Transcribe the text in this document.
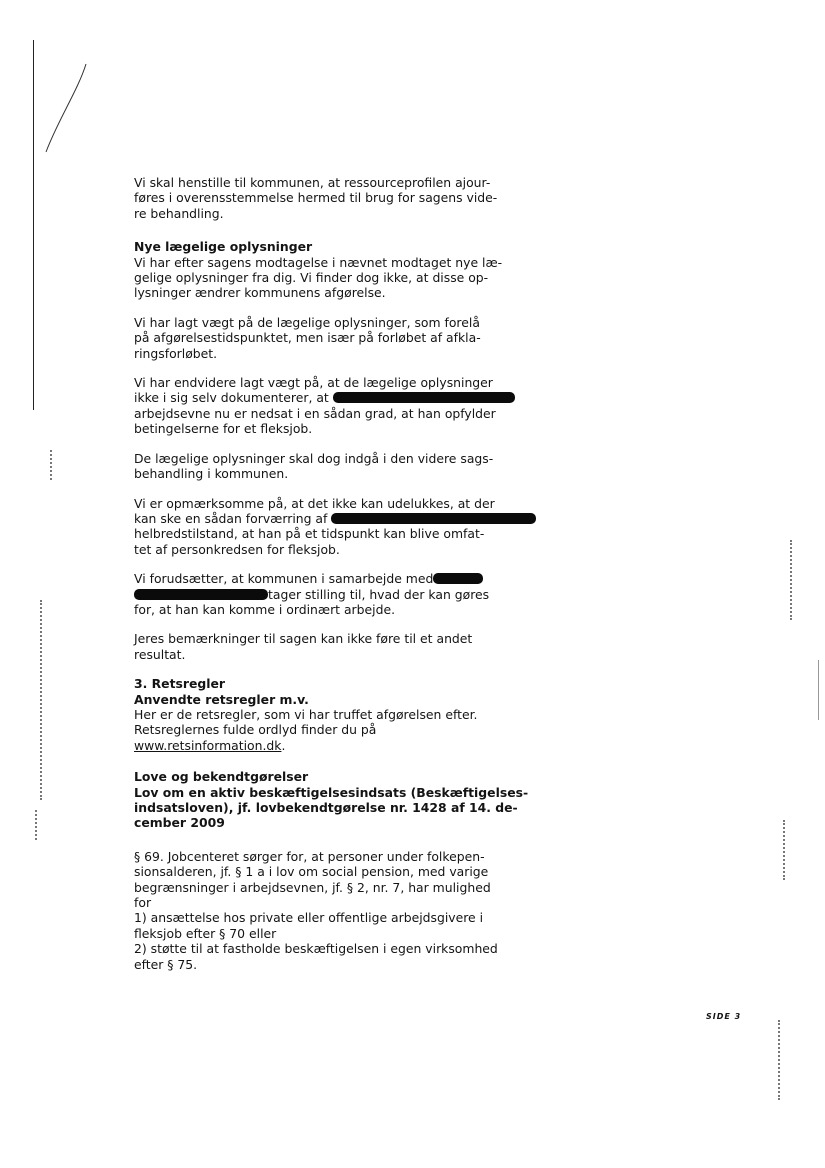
Vi skal henstille til kommunen, at ressourceprofilen ajour-
føres i overensstemmelse hermed til brug for sagens vide-
re behandling.
Nye lægelige oplysninger
Vi har efter sagens modtagelse i nævnet modtaget nye læ-
gelige oplysninger fra dig. Vi finder dog ikke, at disse op-
lysninger ændrer kommunens afgørelse.
Vi har lagt vægt på de lægelige oplysninger, som forelå
på afgørelsestidspunktet, men især på forløbet af afkla-
ringsforløbet.
Vi har endvidere lagt vægt på, at de lægelige oplysninger
ikke i sig selv dokumenterer, at
arbejdsevne nu er nedsat i en sådan grad, at han opfylder
betingelserne for et fleksjob.
De lægelige oplysninger skal dog indgå i den videre sags-
behandling i kommunen.
Vi er opmærksomme på, at det ikke kan udelukkes, at der
kan ske en sådan forværring af
helbredstilstand, at han på et tidspunkt kan blive omfat-
tet af personkredsen for fleksjob.
Vi forudsætter, at kommunen i samarbejde med
tager stilling til, hvad der kan gøres
for, at han kan komme i ordinært arbejde.
Jeres bemærkninger til sagen kan ikke føre til et andet
resultat.
3. Retsregler
Anvendte retsregler m.v.
Her er de retsregler, som vi har truffet afgørelsen efter.
Retsreglernes fulde ordlyd finder du på
www.retsinformation.dk.
Love og bekendtgørelser
Lov om en aktiv beskæftigelsesindsats (Beskæftigelses-
indsatsloven), jf. lovbekendtgørelse nr. 1428 af 14. de-
cember 2009
§ 69. Jobcenteret sørger for, at personer under folkepen-
sionsalderen, jf. § 1 a i lov om social pension, med varige
begrænsninger i arbejdsevnen, jf. § 2, nr. 7, har mulighed
for
1) ansættelse hos private eller offentlige arbejdsgivere i
fleksjob efter § 70 eller
2) støtte til at fastholde beskæftigelsen i egen virksomhed
efter § 75.
SIDE 3
